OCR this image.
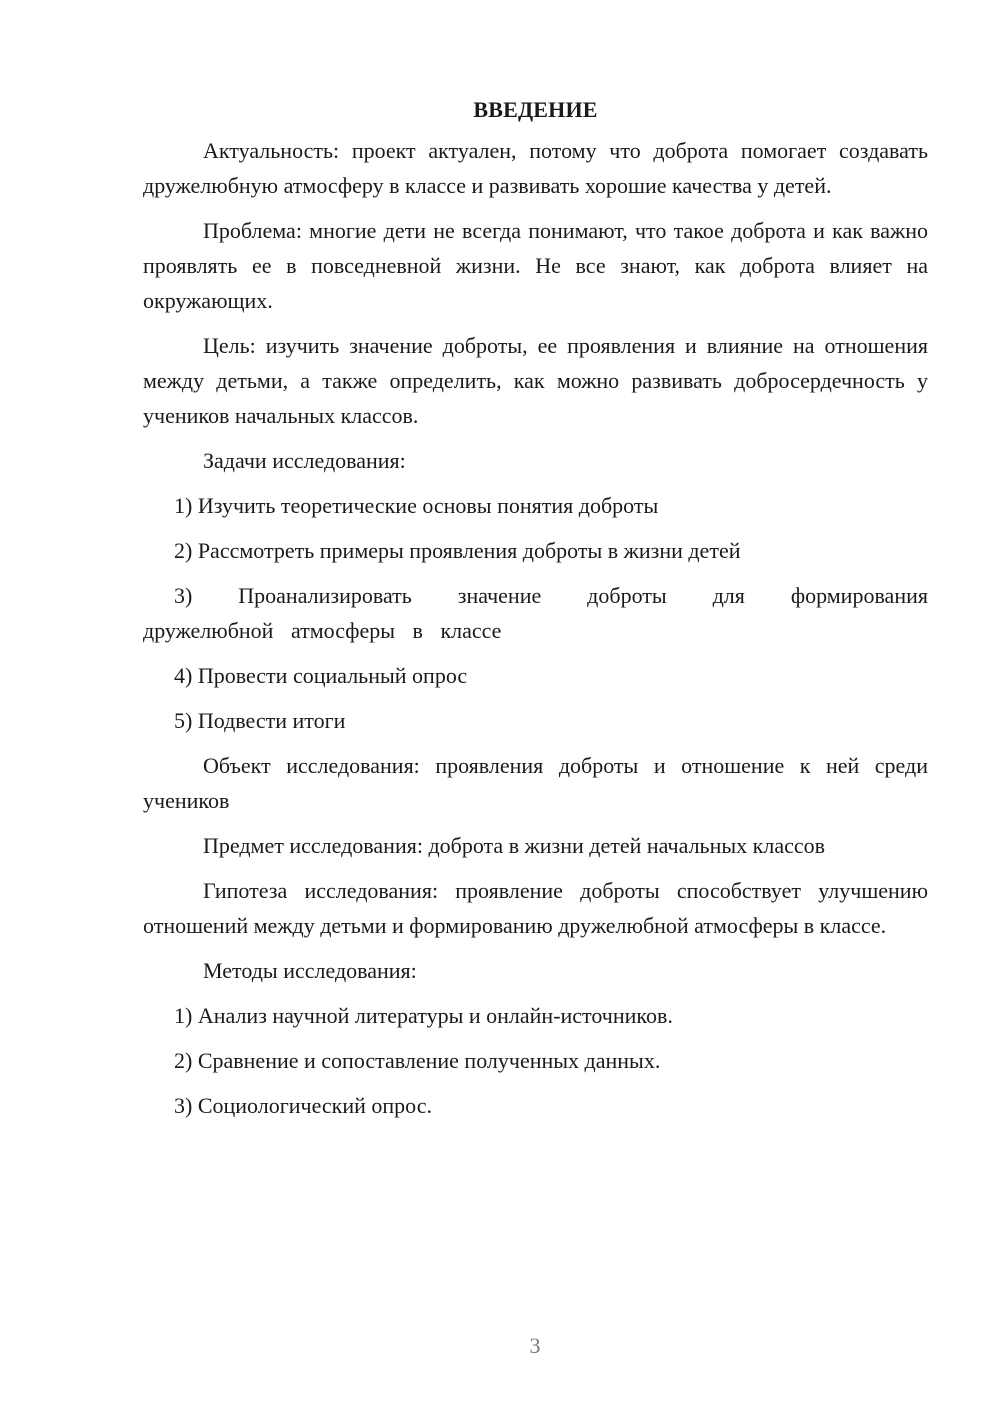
ВВЕДЕНИЕ

Актуальность: проект актуален, потому что доброта помогает создавать дружелюбную атмосферу в классе и развивать хорошие качества у детей.

Проблема: многие дети не всегда понимают, что такое доброта и как важно проявлять ее в повседневной жизни. Не все знают, как доброта влияет на окружающих.

Цель: изучить значение доброты, ее проявления и влияние на отношения между детьми, а также определить, как можно развивать добросердечность у учеников начальных классов.

Задачи исследования:

1) Изучить теоретические основы понятия доброты

2) Рассмотреть примеры проявления доброты в жизни детей

3) Проанализировать значение доброты для формирования дружелюбной атмосферы в классе

4) Провести социальный опрос

5) Подвести итоги

Объект исследования: проявления доброты и отношение к ней среди учеников

Предмет исследования: доброта в жизни детей начальных классов

Гипотеза исследования: проявление доброты способствует улучшению отношений между детьми и формированию дружелюбной атмосферы в классе.

Методы исследования:

1) Анализ научной литературы и онлайн-источников.

2) Сравнение и сопоставление полученных данных.

3) Социологический опрос.

3
